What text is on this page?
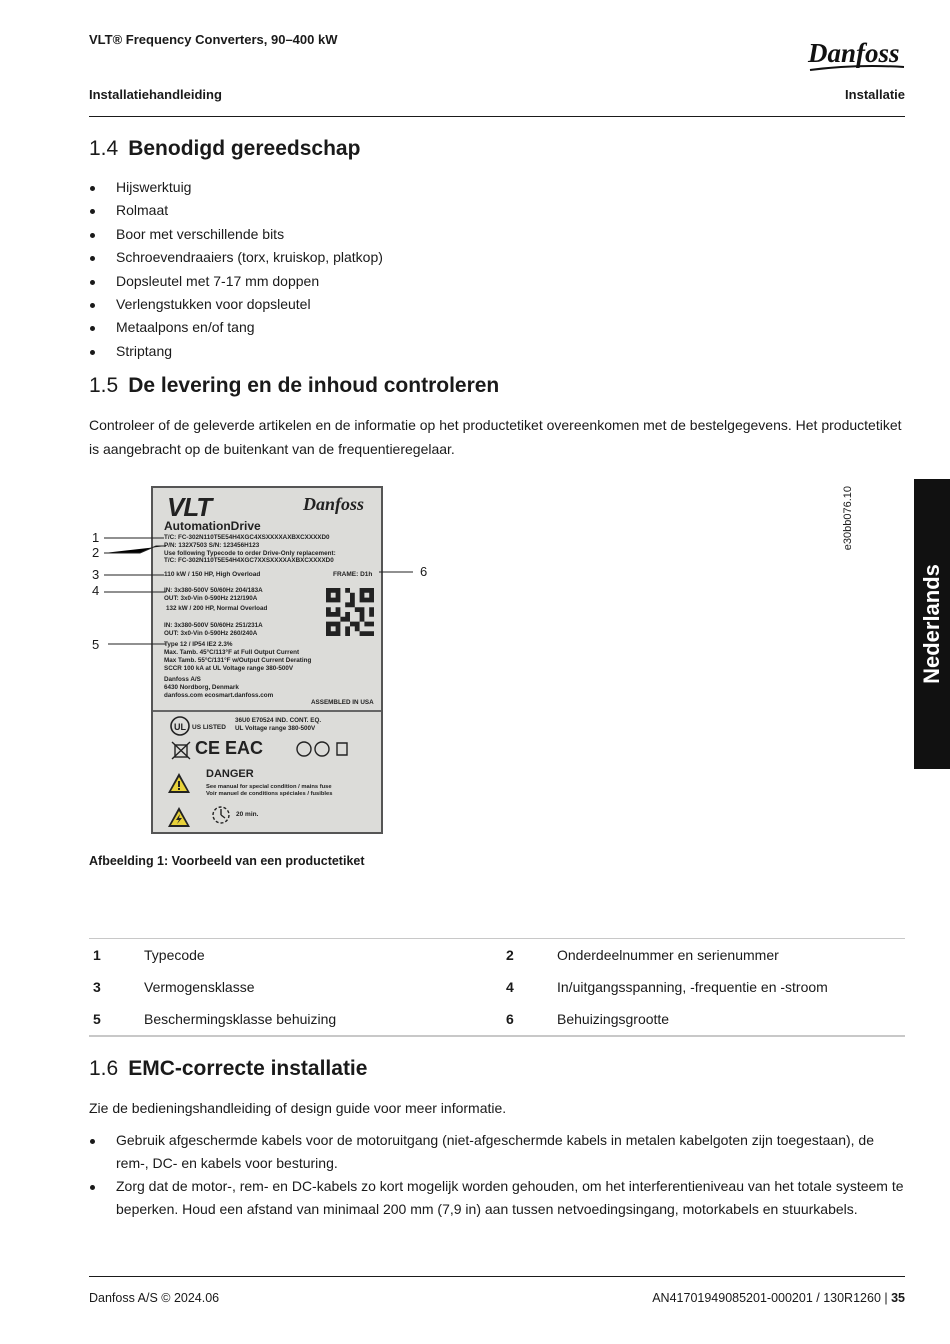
VLT® Frequency Converters, 90–400 kW	Danfoss
Installatiehandleiding	Installatie
1.4 Benodigd gereedschap
Hijswerktuig
Rolmaat
Boor met verschillende bits
Schroevendraaiers (torx, kruiskop, platkop)
Dopsleutel met 7-17 mm doppen
Verlengstukken voor dopsleutel
Metaalpons en/of tang
Striptang
1.5 De levering en de inhoud controleren
Controleer of de geleverde artikelen en de informatie op het productetiket overeenkomen met de bestelgegevens. Het productetiket is aangebracht op de buitenkant van de frequentieregelaar.
Nederlands
e30bb076.10
VLT	Danfoss
AutomationDrive
T/C: FC-302N110T5E54H4XGC4XSXXXXAXBXCXXXXD0
P/N: 132X7503 S/N: 123456H123
Use following Typecode to order Drive-Only replacement:
T/C: FC-302N110T5E54H4XGC7XXSXXXXAXBXCXXXXD0
110 kW / 150 HP, High Overload	FRAME: D1h
IN: 3x380-500V 50/60Hz 204/183A
OUT: 3x0-Vin 0-590Hz 212/190A
132 kW / 200 HP, Normal Overload
IN: 3x380-500V 50/60Hz 251/231A
OUT: 3x0-Vin 0-590Hz 260/240A
Type 12 / IP54 IE2 2.3%
Max. Tamb. 45°C/113°F at Full Output Current
Max Tamb. 55°C/131°F w/Output Current Derating
SCCR 100 kA at UL Voltage range 380-500V
Danfoss A/S
6430 Nordborg, Denmark
danfoss.com ecosmart.danfoss.com
ASSEMBLED IN USA
UL US LISTED
36U0 E70524 IND. CONT. EQ.
UL Voltage range 380-500V
CE EAC
DANGER
See manual for special condition / mains fuse
Voir manuel de conditions spéciales / fusibles
20 min.
1
2
3
4
5
6
Afbeelding 1: Voorbeeld van een productetiket
1	Typecode	2	Onderdeelnummer en serienummer
3	Vermogensklasse	4	In/uitgangsspanning, -frequentie en -stroom
5	Beschermingsklasse behuizing	6	Behuizingsgrootte
1.6 EMC-correcte installatie
Zie de bedieningshandleiding of design guide voor meer informatie.
Gebruik afgeschermde kabels voor de motoruitgang (niet-afgeschermde kabels in metalen kabelgoten zijn toegestaan), de rem-, DC- en kabels voor besturing.
Zorg dat de motor-, rem- en DC-kabels zo kort mogelijk worden gehouden, om het interferentieniveau van het totale systeem te beperken. Houd een afstand van minimaal 200 mm (7,9 in) aan tussen netvoedingsingang, motorkabels en stuurkabels.
Danfoss A/S © 2024.06	AN41701949085201-000201 / 130R1260 | 35
